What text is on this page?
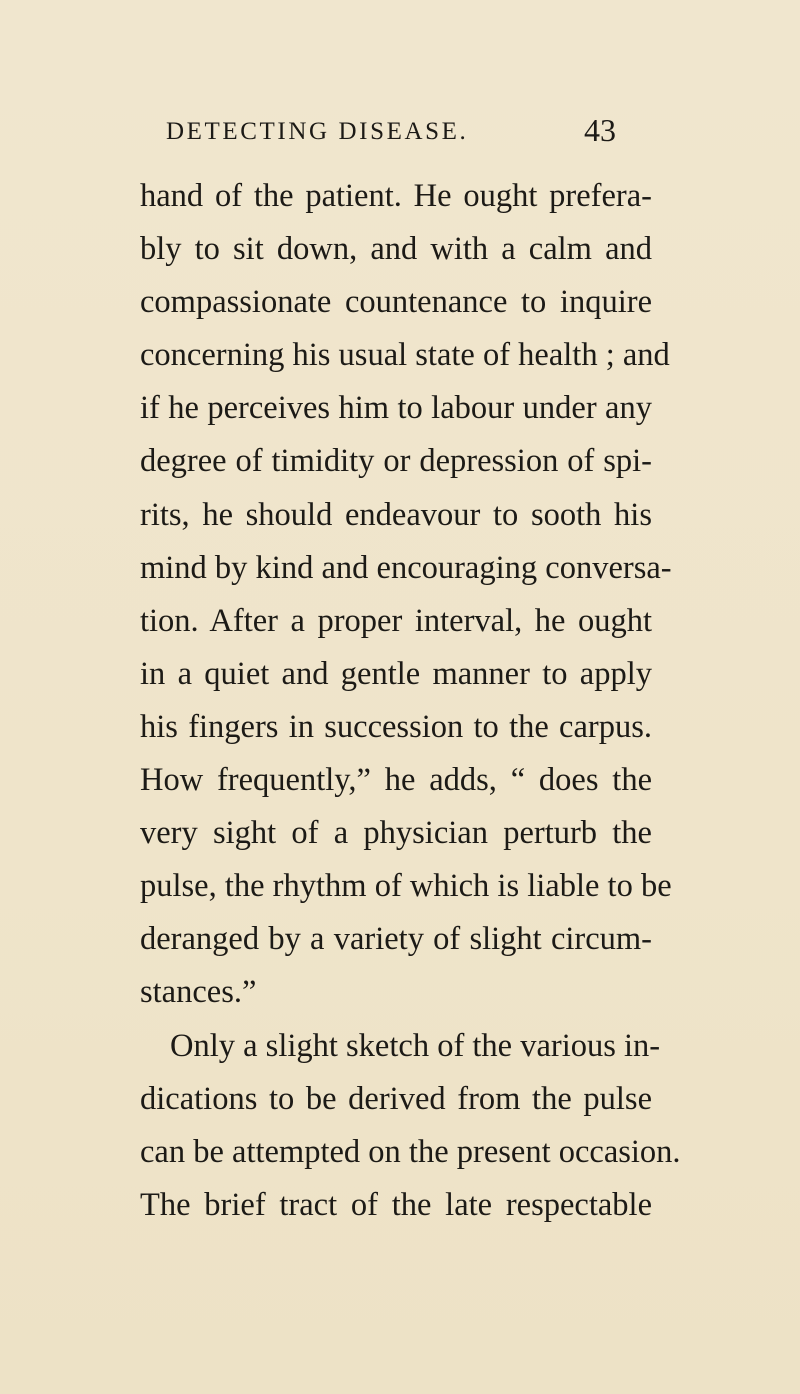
DETECTING DISEASE.	43
hand of the patient. He ought prefera-
bly to sit down, and with a calm and
compassionate countenance to inquire
concerning his usual state of health ; and
if he perceives him to labour under any
degree of timidity or depression of spi-
rits, he should endeavour to sooth his
mind by kind and encouraging conversa-
tion. After a proper interval, he ought
in a quiet and gentle manner to apply
his fingers in succession to the carpus.
How frequently,” he adds, “ does the
very sight of a physician perturb the
pulse, the rhythm of which is liable to be
deranged by a variety of slight circum-
stances.”
Only a slight sketch of the various in-
dications to be derived from the pulse
can be attempted on the present occasion.
The brief tract of the late respectable
